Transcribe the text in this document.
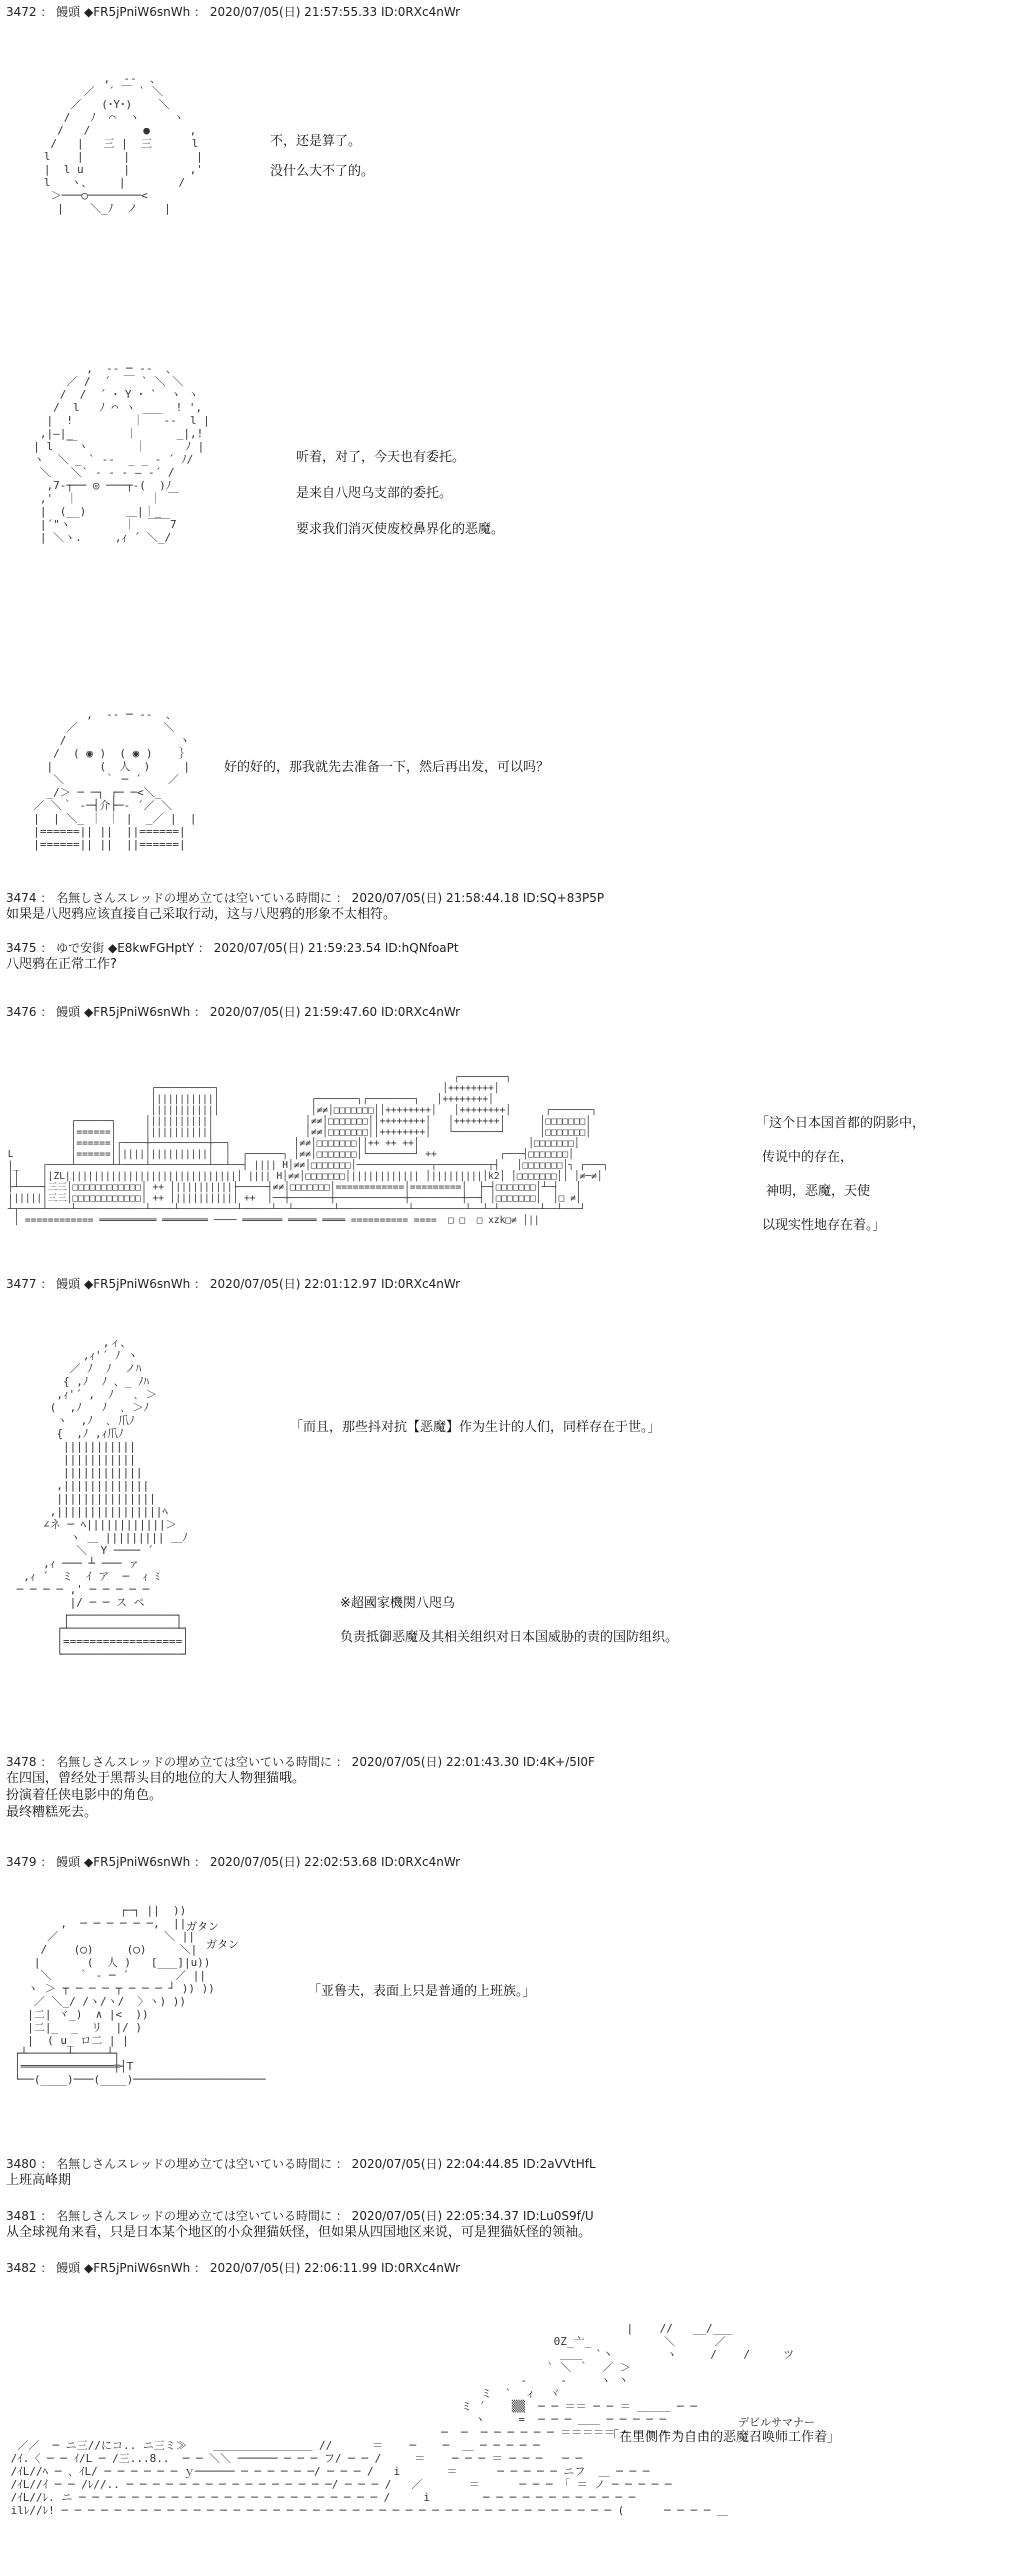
3472 ： 饅頭 ◆FR5jPniW6snWh ： 2020/07/05(日) 21:57:55.33 ID:0RXc4nWr
,  -‐  、
／  ´ ￣ ` ＼
／   (･Y･)    ＼
/   ﾉ  ⌒  ヽ     ヽ
/   /        ●      ,
/   |   三 |  三      l
l    |      |          |
|  l u      |         ,'
l   ヽ、    |        /
＞───○────────<
|    ＼_ﾉ  ノ    |
不，还是算了。
没什么大不了的。
,  -‐ ─ ‐-  、
／ /  ´  ￣ ` ＼ ＼
/  /  ´ ･ Y ･ `  ヽ ヽ
/  l   ﾉ ⌒ ヽ ___  ! ',
|  !         ｜   ‐-  l |
,|―|_        ｜      _|,!
| l  ￣ヽ       ｜      ﾉ |
ヽ  ＼ _ ` ‐-  _ _ ‐ ´ ﾉ/
＼   ＼` ‐ - - ― ‐´ /
,7‐┬── ◎ ───┬-(  )ﾉ
,'  ｜           ｜ ￣
|  (__)      ＿|｜_
|´"ヽ        ｜  ￣￣7
| ＼ヽ.     ,ｨ ´ ＼_/
听着，对了，今天也有委托。
是来自八咫乌支部的委托。
要求我们消灭使废校鼻界化的恶魔。
,  -‐ ─ ‐-  、
／             ＼
/                 ヽ
/  ( ◉ )  ( ◉ )    ｝
|       (  人  )     |
＼      ｀ ─ ´    ／
_/＞ ─ ─┐ ┌─ ─<＼_
／ ＼｀ ‐─┤介├─‐ ´／ ＼
|  | ＼_ ｜ ｜ |  _／ |  |
|======|| ||  ||======|
|======|| ||  ||======|
好的好的，那我就先去准备一下，然后再出发，可以吗？
3474 ： 名無しさんスレッドの埋め立ては空いている時間に ： 2020/07/05(日) 21:58:44.18 ID:SQ+83P5P
如果是八咫鸦应该直接自己采取行动，这与八咫鸦的形象不太相符。
3475 ： ゆで安街 ◆E8kwFGHptY ： 2020/07/05(日) 21:59:23.54 ID:hQNfoaPt
八咫鸦在正常工作?
3476 ： 饅頭 ◆FR5jPniW6snWh ： 2020/07/05(日) 21:59:47.60 ID:0RXc4nWr
┌────────┐
┌──────────┐                                       │++++++++│
│||||||||||│                ┌───────┐┌────────┐   │++++++++│
│||||||||||│                │≠≠│□□□□□□□││++++++++│   │++++++++│      ┌───────┐
┌──────┐     │||||||||||│                │≠≠│□□□□□□□││++++++++│   │++++++++│      │□□□□□□□│
│======│     │||||||||||│                │≠≠│□□□□□□□││++++++++│   └────────┘      │□□□□□□□│
│======│┌────┼──────────┼──┐           │≠≠│□□□□□□□││++ ++ ++│                   │□□□□□□□│
L          │======││||||│||||||||||│  │  ┌──────┐ │≠≠│□□□□□□□│└────────┘ ++           ┌───┤□□□□□□□│
|_    ┌────┴──────┴┴────┴──────────┴──┴──┤ |||| H│≠≠│□□□□□□□│─────────────┬─────────┬┤   │□□□□□□□│┐ ┌───┐
││    │|ZL||||||||||||||||||||||||||||||│ |||| H│≠≠│□□□□□□□│|||||||||||| │|||||||||│k2│ │□□□□□□□││ │≠─≠│
├┴────┤三三│□□□□□□□□□□□□│ ++ │||||||||||├─────┤≠≠│□□□□□□□│============│=========│  ├─┤□□□□□□□│┴─┤   │
||||||│三三│□□□□□□□□□□□□│ ++ │||||||||||│ ++  │──┼───────┼────────────┼─────────┼──┤ │□□□□□□□│  │□ ≠│
┴┬────┴────┴────────────┴────┴──────────┴─────┴──┴───────┴────────────┴─────────┴──┴─┴───────┴──┴───┘
│ ============ ══════════ ════════ ──── ═══════ ═════ ════ ========== ====  □ □  □ xzk□≠ │||
「这个日本国首都的阴影中，
传说中的存在，
神明，恶魔，天使
以现实性地存在着。」
3477 ： 饅頭 ◆FR5jPniW6snWh ： 2020/07/05(日) 22:01:12.97 ID:0RXc4nWr
,ィ、
,ｨ'´ ﾉ ヽ
／ ﾉ  ﾉ  ノﾊ
{ ,ﾉ  ﾉ 、_ ﾉﾊ
,ｨ'´ ,  ﾉ   ､ ＞
(  ,ﾉ   ﾉ  ､ ＞ﾉ
ヽ  ,ﾉ  ､ 爪ﾉ
{  ,ﾉ ,ｨ爪ﾉ
|||||||||||
|||||||||||
||||||||||||
,|||||||||||||
|||||||||||||||
,||||||||||||||||ﾍ
∠ネ ─ ﾍ||||||||||||＞
ヽ ＿ ||||||||| ＿ﾉ
＼  Y ──── ´
,ｨ ─── ┴ ─── ァ
,ｨ ´  ミ  ｲ ア  ─  ｨ ﾐ
─ ─ ─ ─ ,' ─ ─ ─ ─ ─
|/ ─ ─ ス ペ
┌────────────────┐
┌┴────────────────┴┐
│==================│
└──────────────────┘
「而且，那些抖对抗【恶魔】作为生计的人们，同样存在于世。」
※超國家機関八咫乌
负责抵御恶魔及其相关组织对日本国威胁的责的国防组织。
3478 ： 名無しさんスレッドの埋め立ては空いている時間に ： 2020/07/05(日) 22:01:43.30 ID:4K+/5I0F
在四国，曾经处于黑帮头目的地位的大人物狸猫哦。
扮演着任侠电影中的角色。
最终糟糕死去。
3479 ： 饅頭 ◆FR5jPniW6snWh ： 2020/07/05(日) 22:02:53.68 ID:0RXc4nWr
┌─┐ ||  ))
,  ─ ─ ─ ─ ─ ─,  ||
／                ＼ ||
/    (◯)     (◯)     ＼|
|       (  人 )   [___]|u))
＼    ｀ ‐ ─ ´       ／ ||
ヽ ＞ ┬ ─ ─ ─ ┬ ─ ─ ─ ┘ )) ))
／ ＼_/ /ヽ/ヽ/  〉ヽ) ))
|二| ヾ_)  ∧ |<  ))
|二|_  _  リ  |/ )
|  ( u_ ロ二 | |
┌┴──────┴─────┴┐
│══════════════╪┤T
└──(____)───(____)────────────────────
ガタン
ガタン
「亚鲁夫，表面上只是普通的上班族。」
3480 ： 名無しさんスレッドの埋め立ては空いている時間に ： 2020/07/05(日) 22:04:44.85 ID:2aVVtHfL
上班高峰期
3481 ： 名無しさんスレッドの埋め立ては空いている時間に ： 2020/07/05(日) 22:05:34.37 ID:Lu0S9f/U
从全球视角来看，只是日本某个地区的小众狸猫妖怪，但如果从四国地区来说，可是狸猫妖怪的领袖。
3482 ： 饅頭 ◆FR5jPniW6snWh ： 2020/07/05(日) 22:06:11.99 ID:0RXc4nWr
|    //   __/___
0Z_亠_           ＼      ／
＿＿  `丶        ヽ     /    /     ツ
` ＼ ｀  ／ ＞
‐     ‐     ヽ 丶
ミ  `  ィ  ヾ
ミ ´    ▒▒  ─ ─ ＝＝ ─ ─ ＝ ＿＿＿ ─ ─
ヽ     =  ─ ─ ─ ＿＿ ─ ─ ─ ─ ─
─  ─  ─ ─ ─ ─ ─ ─ ＝＝＝＝＝ ─ ─ ─ ─ ─ ─ ─
／／  ─ ニ三//にコ.. ニ三ミ≫    ＿＿＿＿＿＿＿＿＿ //      ＝    ─    ─  ＿ ─ ─ ─ ─ ─
/ｲ.〈 ─ ─ ｲ/L ─ /三...8..  ─ ─ ＼＼ ────── ─ ─ ─ フ/ ─ ─ /     ＝    ─ ─ ─ ＝ ─ ─ ─   ─ ─
/ｲL//ﾍ ─ 、ｲL/ ─ ─ ─ ─ ─ ─ ｙ────── ─ ─ ─ ─ ─ ─/ ─ ─ ─ /   i       ＝      ─ ─ ─ ─ ─ ニフ  ＿ ─ ─ ─
/ｲL//ｲ ─ ─ /ﾚ//.. ─ ─ ─ ─ ─ ─ ─ ─ ─ ─ ─ ─ ─ ─ ─ ─/ ─ ─ ─ /   ／       ＝      ─ ─ ─ 「 ＝ ノ ─ ─ ─ ─ ─
/ｲL//ﾚ. ニ ─ ─ ─ ─ ─ ─ ─ ─ ─ ─ ─ ─ ─ ─ ─ ─ ─ ─ ─ ─ ─ ─ ─ /     i        ─ ─ ─ ─ ─ ─ ─ ─ ─ ─ ─ ─
ilﾚ//ﾚ! ─ ─ ─ ─ ─ ─ ─ ─ ─ ─ ─ ─ ─ ─ ─ ─ ─ ─ ─ ─ ─ ─ ─ ─ ─ ─ ─ ─ ─ ─ ─ ─ ─ ─ ─ ─ ─ ─ ─ ─ ─ ─ (      ─ ─ ─ ─ ＿
デビルサマナー
「在里侧作为自由的恶魔召唤师工作着」
